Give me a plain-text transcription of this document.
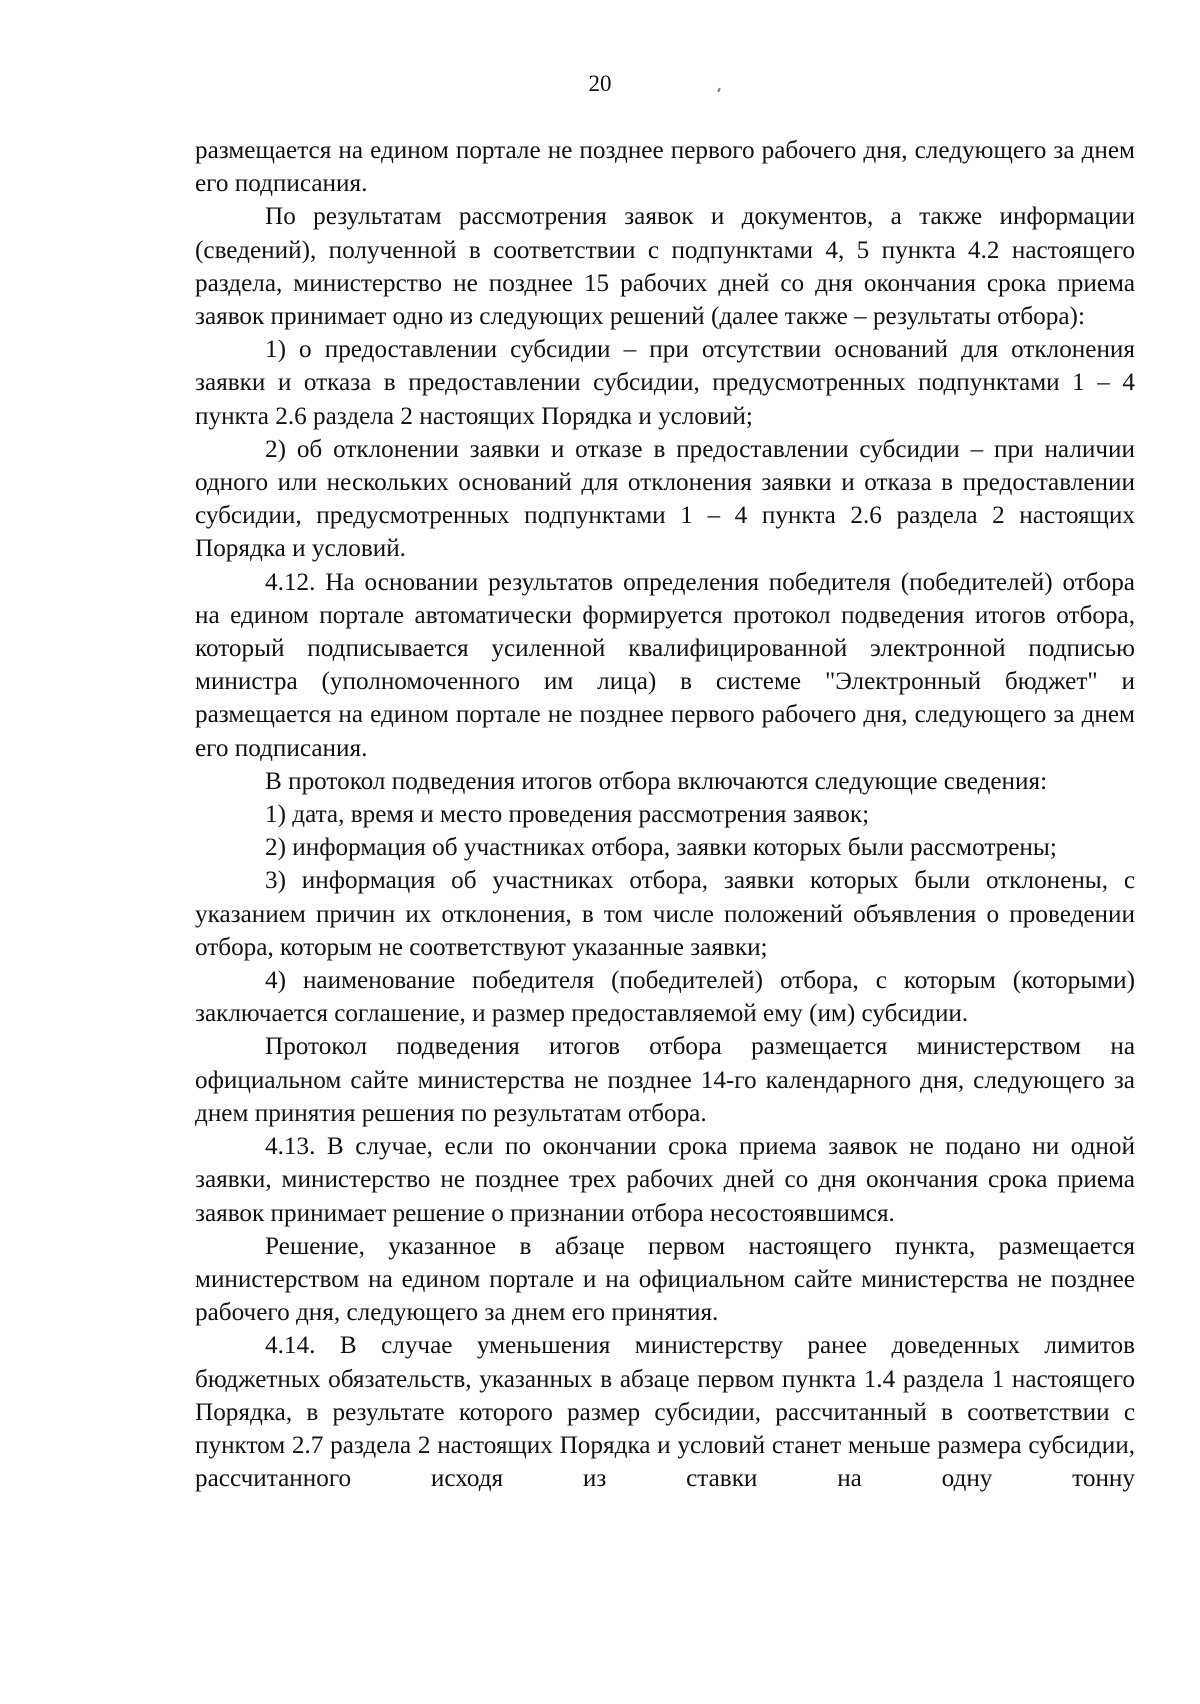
20

размещается на едином портале не позднее первого рабочего дня, следующего за днем его подписания.

По результатам рассмотрения заявок и документов, а также информации (сведений), полученной в соответствии с подпунктами 4, 5 пункта 4.2 настоящего раздела, министерство не позднее 15 рабочих дней со дня окончания срока приема заявок принимает одно из следующих решений (далее также – результаты отбора):

1) о предоставлении субсидии – при отсутствии оснований для отклонения заявки и отказа в предоставлении субсидии, предусмотренных подпунктами 1 – 4 пункта 2.6 раздела 2 настоящих Порядка и условий;

2) об отклонении заявки и отказе в предоставлении субсидии – при наличии одного или нескольких оснований для отклонения заявки и отказа в предоставлении субсидии, предусмотренных подпунктами 1 – 4 пункта 2.6 раздела 2 настоящих Порядка и условий.

4.12. На основании результатов определения победителя (победителей) отбора на едином портале автоматически формируется протокол подведения итогов отбора, который подписывается усиленной квалифицированной электронной подписью министра (уполномоченного им лица) в системе "Электронный бюджет" и размещается на едином портале не позднее первого рабочего дня, следующего за днем его подписания.

В протокол подведения итогов отбора включаются следующие сведения:

1) дата, время и место проведения рассмотрения заявок;

2) информация об участниках отбора, заявки которых были рассмотрены;

3) информация об участниках отбора, заявки которых были отклонены, с указанием причин их отклонения, в том числе положений объявления о проведении отбора, которым не соответствуют указанные заявки;

4) наименование победителя (победителей) отбора, с которым (которыми) заключается соглашение, и размер предоставляемой ему (им) субсидии.

Протокол подведения итогов отбора размещается министерством на официальном сайте министерства не позднее 14-го календарного дня, следующего за днем принятия решения по результатам отбора.

4.13. В случае, если по окончании срока приема заявок не подано ни одной заявки, министерство не позднее трех рабочих дней со дня окончания срока приема заявок принимает решение о признании отбора несостоявшимся.

Решение, указанное в абзаце первом настоящего пункта, размещается министерством на едином портале и на официальном сайте министерства не позднее рабочего дня, следующего за днем его принятия.

4.14. В случае уменьшения министерству ранее доведенных лимитов бюджетных обязательств, указанных в абзаце первом пункта 1.4 раздела 1 настоящего Порядка, в результате которого размер субсидии, рассчитанный в соответствии с пунктом 2.7 раздела 2 настоящих Порядка и условий станет меньше размера субсидии, рассчитанного исходя из ставки на одну тонну
